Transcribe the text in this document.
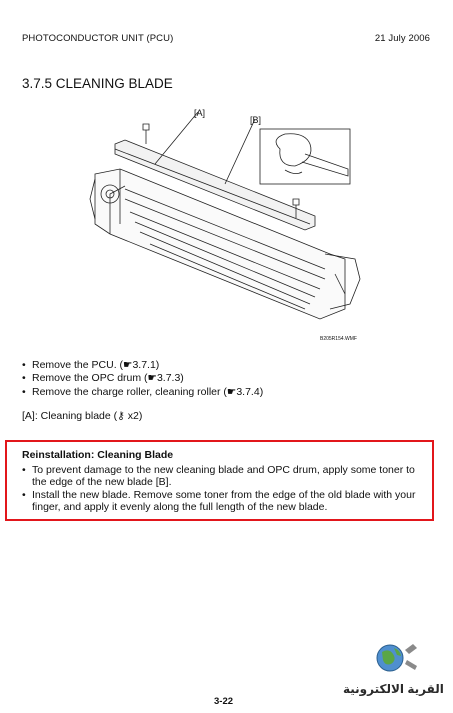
PHOTOCONDUCTOR UNIT (PCU)	21 July 2006
3.7.5 CLEANING BLADE
[A]
[B]
B205R154.WMF
• Remove the PCU. (☛3.7.1)
• Remove the OPC drum (☛3.7.3)
• Remove the charge roller, cleaning roller (☛3.7.4)
[A]: Cleaning blade (⚷ x2)
Reinstallation: Cleaning Blade
• To prevent damage to the new cleaning blade and OPC drum, apply some toner to the edge of the new blade [B].
• Install the new blade. Remove some toner from the edge of the old blade with your finger, and apply it evenly along the full length of the new blade.
3-22
القرية الالكترونية
